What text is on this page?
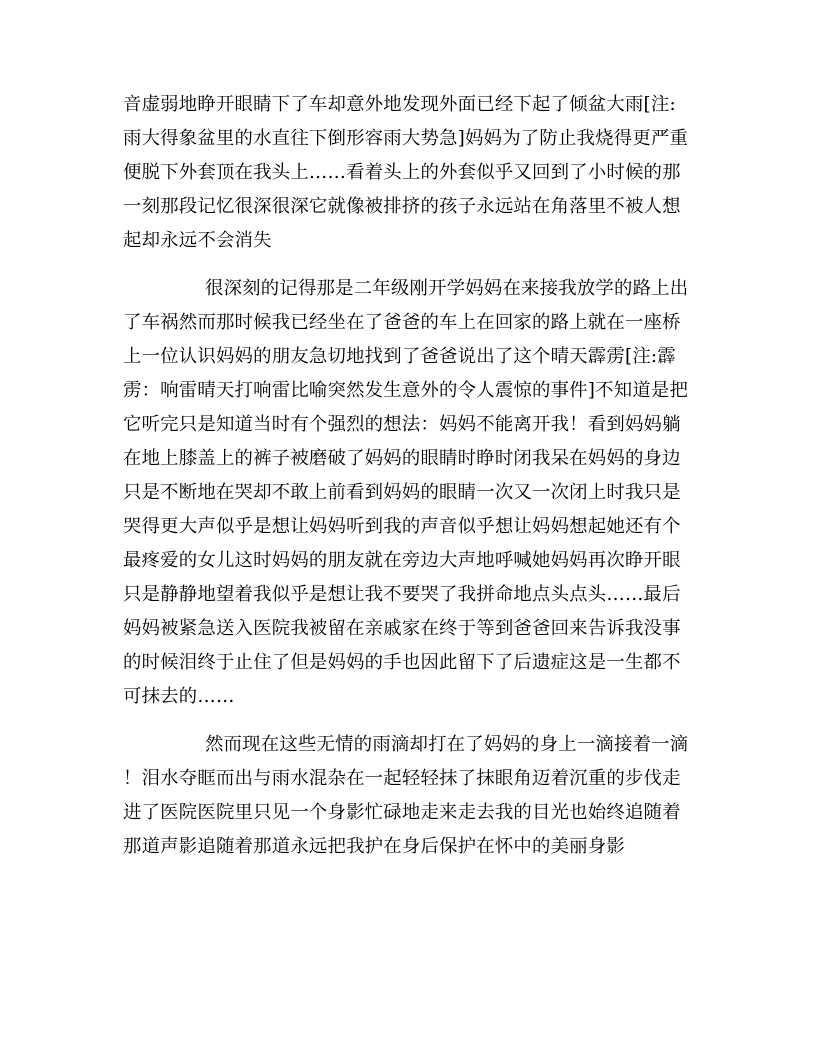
音虚弱地睁开眼睛下了车却意外地发现外面已经下起了倾盆大雨[注:
雨大得象盆里的水直往下倒形容雨大势急]妈妈为了防止我烧得更严重
便脱下外套顶在我头上……看着头上的外套似乎又回到了小时候的那
一刻那段记忆很深很深它就像被排挤的孩子永远站在角落里不被人想
起却永远不会消失
很深刻的记得那是二年级刚开学妈妈在来接我放学的路上出
了车祸然而那时候我已经坐在了爸爸的车上在回家的路上就在一座桥
上一位认识妈妈的朋友急切地找到了爸爸说出了这个晴天霹雳[注:霹
雳：响雷晴天打响雷比喻突然发生意外的令人震惊的事件]不知道是把
它听完只是知道当时有个强烈的想法：妈妈不能离开我！看到妈妈躺
在地上膝盖上的裤子被磨破了妈妈的眼睛时睁时闭我呆在妈妈的身边
只是不断地在哭却不敢上前看到妈妈的眼睛一次又一次闭上时我只是
哭得更大声似乎是想让妈妈听到我的声音似乎想让妈妈想起她还有个
最疼爱的女儿这时妈妈的朋友就在旁边大声地呼喊她妈妈再次睁开眼
只是静静地望着我似乎是想让我不要哭了我拼命地点头点头……最后
妈妈被紧急送入医院我被留在亲戚家在终于等到爸爸回来告诉我没事
的时候泪终于止住了但是妈妈的手也因此留下了后遗症这是一生都不
可抹去的……
然而现在这些无情的雨滴却打在了妈妈的身上一滴接着一滴
！泪水夺眶而出与雨水混杂在一起轻轻抹了抹眼角迈着沉重的步伐走
进了医院医院里只见一个身影忙碌地走来走去我的目光也始终追随着
那道声影追随着那道永远把我护在身后保护在怀中的美丽身影
